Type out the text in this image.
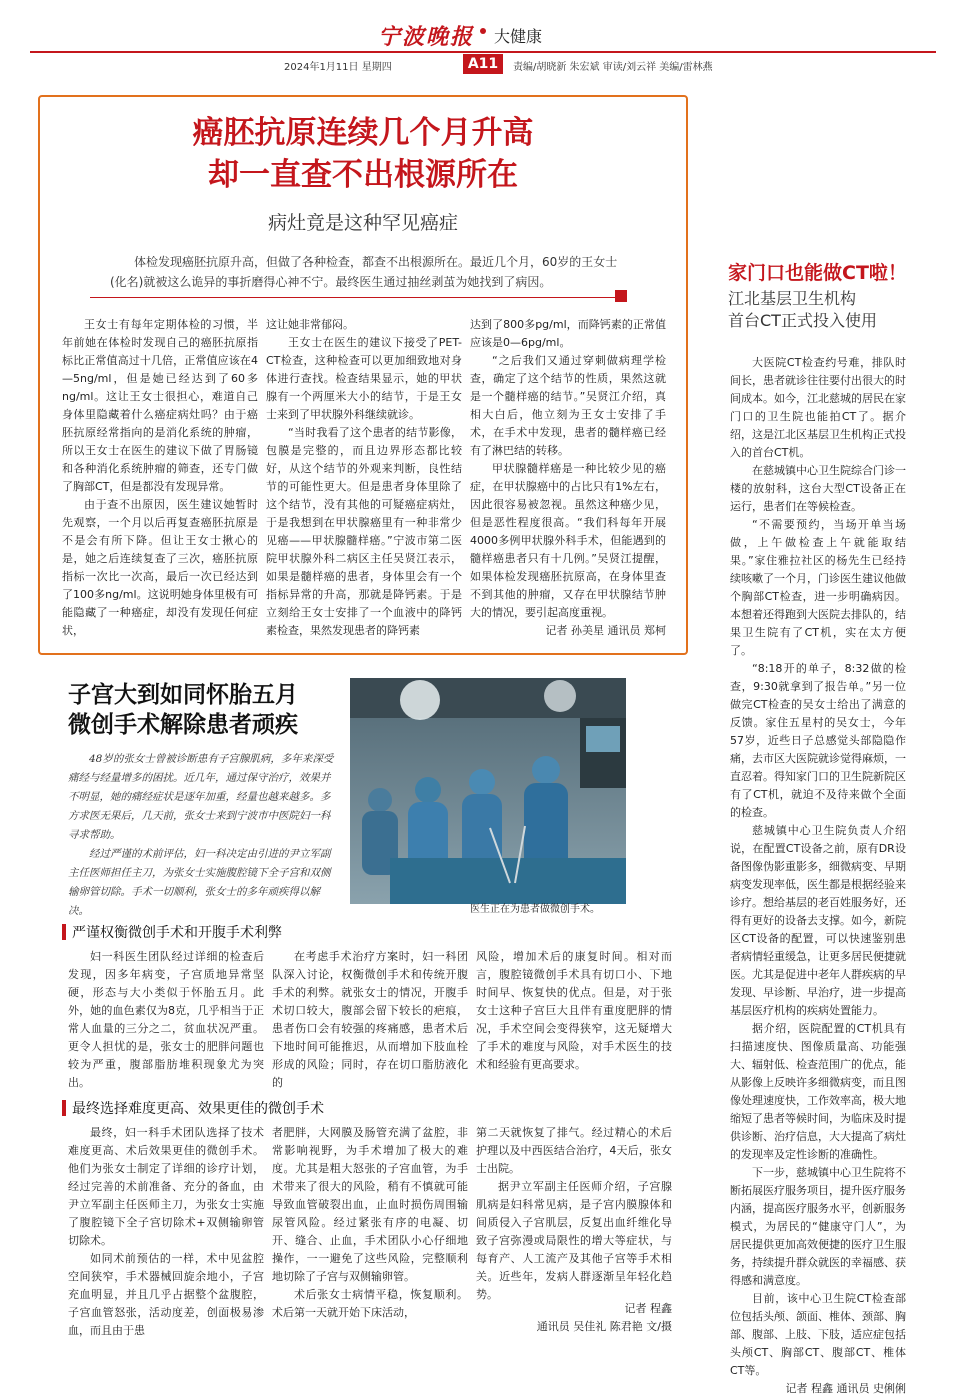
宁波晚报 大健康
2024年1月11日 星期四	A11	责编/胡晓新 朱宏斌 审读/刘云祥 美编/雷林燕
癌胚抗原连续几个月升高
却一直查不出根源所在
病灶竟是这种罕见癌症
体检发现癌胚抗原升高，但做了各种检查，都查不出根源所在。最近几个月，60岁的王女士(化名)就被这么诡异的事折磨得心神不宁。最终医生通过抽丝剥茧为她找到了病因。

王女士有每年定期体检的习惯，半年前她在体检时发现自己的癌胚抗原指标比正常值高过十几倍，正常值应该在4—5ng/ml，但是她已经达到了60多ng/ml。这让王女士很担心，难道自己身体里隐藏着什么癌症病灶吗？由于癌胚抗原经常指向的是消化系统的肿瘤，所以王女士在医生的建议下做了胃肠镜和各种消化系统肿瘤的筛查，还专门做了胸部CT，但是都没有发现异常。

由于查不出原因，医生建议她暂时先观察，一个月以后再复查癌胚抗原是不是会有所下降。但让王女士揪心的是，她之后连续复查了三次，癌胚抗原指标一次比一次高，最后一次已经达到了100多ng/ml。这说明她身体里极有可能隐藏了一种癌症，却没有发现任何症状，

这让她非常郁闷。

王女士在医生的建议下接受了PET-CT检查，这种检查可以更加细致地对身体进行查找。检查结果显示，她的甲状腺有一个两厘米大小的结节，于是王女士来到了甲状腺外科继续就诊。

“当时我看了这个患者的结节影像，包膜是完整的，而且边界形态都比较好，从这个结节的外观来判断，良性结节的可能性更大。但是患者身体里除了这个结节，没有其他的可疑癌症病灶，于是我想到在甲状腺癌里有一种非常少见癌——甲状腺髓样癌。”宁波市第二医院甲状腺外科二病区主任吴贤江表示，如果是髓样癌的患者，身体里会有一个指标异常的升高，那就是降钙素。于是立刻给王女士安排了一个血液中的降钙素检查，果然发现患者的降钙素

达到了800多pg/ml，而降钙素的正常值应该是0—6pg/ml。

“之后我们又通过穿刺做病理学检查，确定了这个结节的性质，果然这就是一个髓样癌的结节。”吴贤江介绍，真相大白后，他立刻为王女士安排了手术，在手术中发现，患者的髓样癌已经有了淋巴结的转移。

甲状腺髓样癌是一种比较少见的癌症，在甲状腺癌中的占比只有1%左右，因此很容易被忽视。虽然这种癌少见，但是恶性程度很高。“我们科每年开展4000多例甲状腺外科手术，但能遇到的髓样癌患者只有十几例。”吴贤江提醒，如果体检发现癌胚抗原高，在身体里查不到其他的肿瘤，又存在甲状腺结节肿大的情况，要引起高度重视。

记者 孙美星 通讯员 郑柯

子宫大到如同怀胎五月
微创手术解除患者顽疾

48岁的张女士曾被诊断患有子宫腺肌病，多年来深受痛经与经量增多的困扰。近几年，通过保守治疗，效果并不明显，她的痛经症状是逐年加重，经量也越来越多。多方求医无果后，几天前，张女士来到宁波市中医院妇一科寻求帮助。

经过严谨的术前评估，妇一科决定由引进的尹立军副主任医师担任主刀，为张女士实施腹腔镜下全子宫和双侧输卵管切除。手术一切顺利，张女士的多年顽疾得以解决。	医生正在为患者做微创手术。
严谨权衡微创手术和开腹手术利弊

妇一科医生团队经过详细的检查后发现，因多年病变，子宫质地异常坚硬，形态与大小类似于怀胎五月。此外，她的血色素仅为8克，几乎相当于正常人血量的三分之二，贫血状况严重。更令人担忧的是，张女士的肥胖问题也较为严重，腹部脂肪堆积现象尤为突出。

在考虑手术治疗方案时，妇一科团队深入讨论，权衡微创手术和传统开腹手术的利弊。就张女士的情况，开腹手术切口较大，腹部会留下较长的疤痕，患者伤口会有较强的疼痛感，患者术后下地时间可能推迟，从而增加下肢血栓形成的风险；同时，存在切口脂肪液化的

风险，增加术后的康复时间。相对而言，腹腔镜微创手术具有切口小、下地时间早、恢复快的优点。但是，对于张女士这种子宫巨大且伴有重度肥胖的情况，手术空间会变得狭窄，这无疑增大了手术的难度与风险，对手术医生的技术和经验有更高要求。

最终选择难度更高、效果更佳的微创手术

最终，妇一科手术团队选择了技术难度更高、术后效果更佳的微创手术。他们为张女士制定了详细的诊疗计划，经过完善的术前准备、充分的备血，由尹立军副主任医师主刀，为张女士实施了腹腔镜下全子宫切除术+双侧输卵管切除术。

如同术前预估的一样，术中见盆腔空间狭窄，手术器械回旋余地小，子宫充血明显，并且几乎占据整个盆腹腔，子宫血管怒张，活动度差，创面极易渗血，而且由于患

者肥胖，大网膜及肠管充满了盆腔，非常影响视野，为手术增加了极大的难度。尤其是粗大怒张的子宫血管，为手术带来了很大的风险，稍有不慎就可能导致血管破裂出血，止血时损伤周围输尿管风险。经过紧张有序的电凝、切开、缝合、止血，手术团队小心仔细地操作，一一避免了这些风险，完整顺利地切除了子宫与双侧输卵管。

术后张女士病情平稳，恢复顺利。术后第一天就开始下床活动，

第二天就恢复了排气。经过精心的术后护理以及中西医结合治疗，4天后，张女士出院。

据尹立军副主任医师介绍，子宫腺肌病是妇科常见病，是子宫内膜腺体和间质侵入子宫肌层，反复出血纤维化导致子宫弥漫或局限性的增大等症状，与每育产、人工流产及其他子宫等手术相关。近些年，发病人群逐渐呈年轻化趋势。

记者 程鑫
通讯员 吴佳礼 陈君艳 文/摄
家门口也能做CT啦！
江北基层卫生机构
首台CT正式投入使用

大医院CT检查约号难，排队时间长，患者就诊往往要付出很大的时间成本。如今，江北慈城的居民在家门口的卫生院也能拍CT了。据介绍，这是江北区基层卫生机构正式投入的首台CT机。

在慈城镇中心卫生院综合门诊一楼的放射科，这台大型CT设备正在运行，患者们在等候检查。

“不需要预约，当场开单当场做，上午做检查上午就能取结果。”家住雅拉社区的杨先生已经持续咳嗽了一个月，门诊医生建议他做个胸部CT检查，进一步明确病因。本想着还得跑到大医院去排队的，结果卫生院有了CT机，实在太方便了。

“8:18开的单子，8:32做的检查，9:30就拿到了报告单。”另一位做完CT检查的吴女士给出了满意的反馈。家住五星村的吴女士，今年57岁，近些日子总感觉头部隐隐作痛，去市区大医院就诊觉得麻烦，一直忍着。得知家门口的卫生院新院区有了CT机，就迫不及待来做个全面的检查。

慈城镇中心卫生院负责人介绍说，在配置CT设备之前，原有DR设备图像伪影重影多，细微病变、早期病变发现率低，医生都是根据经验来诊疗。想给基层的老百姓服务好，还得有更好的设备去支撑。如今，新院区CT设备的配置，可以快速鉴别患者病情轻重缓急，让更多居民便捷就医。尤其是促进中老年人群疾病的早发现、早诊断、早治疗，进一步提高基层医疗机构的疾病处置能力。

据介绍，医院配置的CT机具有扫描速度快、图像质量高、功能强大、辐射低、检查范围广的优点，能从影像上反映许多细微病变，而且图像处理速度快，工作效率高，极大地缩短了患者等候时间，为临床及时提供诊断、治疗信息，大大提高了病灶的发现率及定性诊断的准确性。

下一步，慈城镇中心卫生院将不断拓展医疗服务项目，提升医疗服务内涵，提高医疗服务水平，创新服务模式，为居民的“健康守门人”，为居民提供更加高效便捷的医疗卫生服务，持续提升群众就医的幸福感、获得感和满意度。

目前，该中心卫生院CT检查部位包括头颅、颌面、椎体、颈部、胸部、腹部、上肢、下肢，适应症包括头颅CT、胸部CT、腹部CT、椎体CT等。

记者 程鑫 通讯员 史俐俐
